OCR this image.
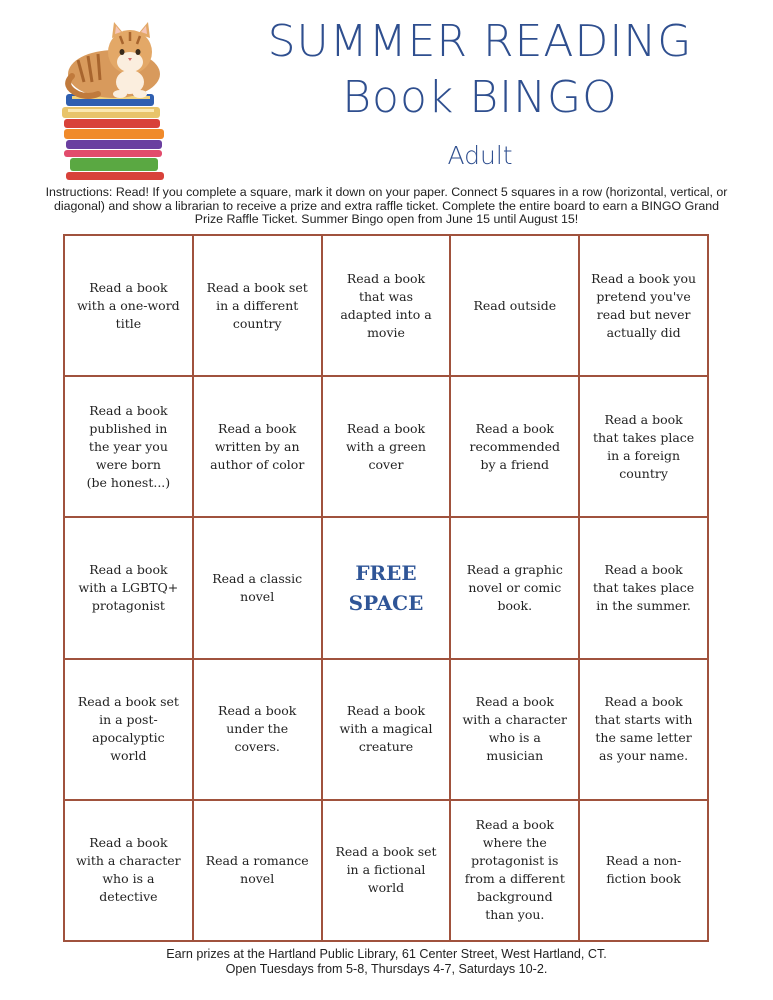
SUMMER READING
Book BINGO
Adult
Instructions: Read! If you complete a square, mark it down on your paper. Connect 5 squares in a row (horizontal, vertical, or diagonal) and show a librarian to receive a prize and extra raffle ticket. Complete the entire board to earn a BINGO Grand Prize Raffle Ticket. Summer Bingo open from June 15 until August 15!
Read a book
with a one-word
title
Read a book set
in a different
country
Read a book
that was
adapted into a
movie
Read outside
Read a book you
pretend you've
read but never
actually did
Read a book
published in
the year you
were born
(be honest...)
Read a book
written by an
author of color
Read a book
with a green
cover
Read a book
recommended
by a friend
Read a book
that takes place
in a foreign
country
Read a book
with a LGBTQ+
protagonist
Read a classic
novel
FREE
SPACE
Read a graphic
novel or comic
book.
Read a book
that takes place
in the summer.
Read a book set
in a post-
apocalyptic
world
Read a book
under the
covers.
Read a book
with a magical
creature
Read a book
with a character
who is a
musician
Read a book
that starts with
the same letter
as your name.
Read a book
with a character
who is a
detective
Read a romance
novel
Read a book set
in a fictional
world
Read a book
where the
protagonist is
from a different
background
than you.
Read a non-
fiction book
Earn prizes at the Hartland Public Library, 61 Center Street, West Hartland, CT.
Open Tuesdays from 5-8, Thursdays 4-7, Saturdays 10-2.
